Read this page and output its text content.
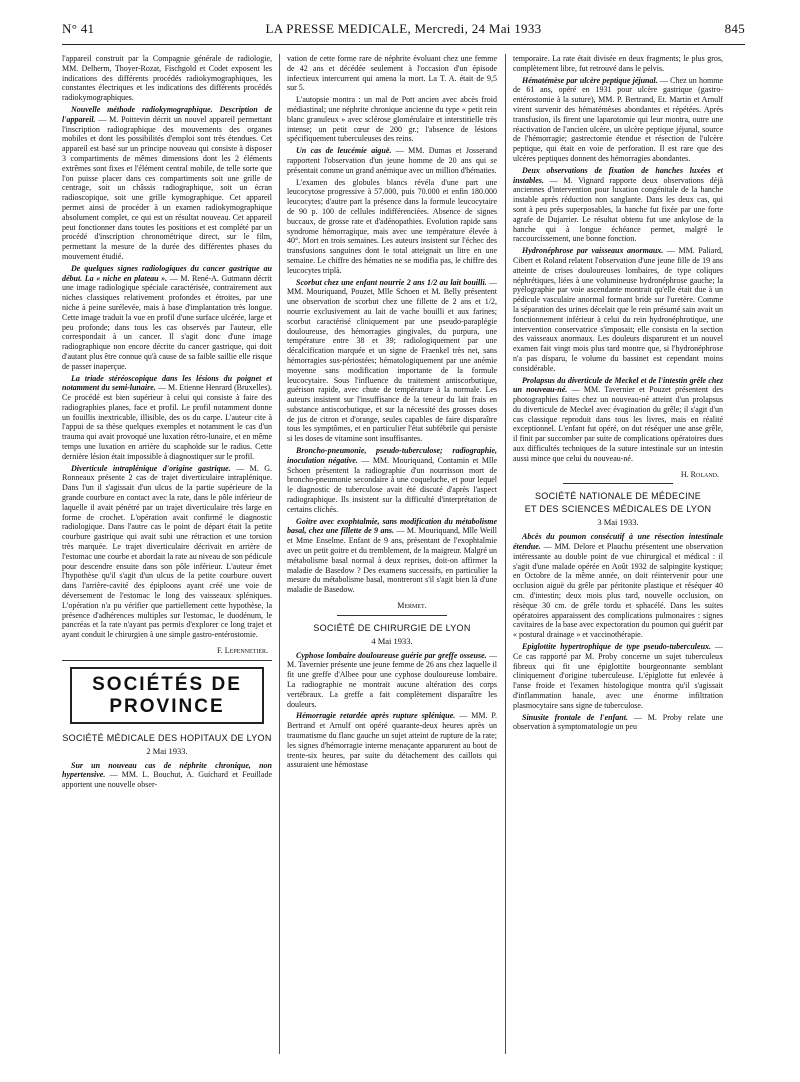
N° 41	LA PRESSE MEDICALE, Mercredi, 24 Mai 1933	845

l'appareil construit par la Compagnie générale de radiologie, MM. Delherm, Thoyer-Rozat, Fischgold et Codet exposent les indications des différents procédés radiokymographiques, les constantes électriques et les indications des différents procédés radiokymographiques.

Nouvelle méthode radiokymographique. Description de l'appareil. — M. Poittevin décrit un nouvel appareil permettant l'inscription radiographique des mouvements des organes mobiles et dont les possibilités d'emploi sont très étendues. Cet appareil est basé sur un principe nouveau qui consiste à disposer 3 compartiments de mêmes dimensions dont les 2 éléments extrêmes sont fixes et l'élément central mobile, de telle sorte que l'on puisse placer dans ces compartiments soit une grille de centrage, soit un châssis radiographique, soit un écran radioscopique, soit une grille kymographique. Cet appareil permet ainsi de procéder à un examen radiokymographique absolument complet, ce qui est un résultat nouveau. Cet appareil peut fonctionner dans toutes les positions et est complété par un procédé d'inscription chronométrique direct, sur le film, permettant la mesure de la durée des différentes phases du mouvement étudié.

De quelques signes radiologiques du cancer gastrique au début. La « niche en plateau ». — M. René-A. Gutmann décrit une image radiologique spéciale caractérisée, contrairement aux niches classiques relativement profondes et étroites, par une niche à peine surélevée, mais à base d'implantation très longue. Cette image traduit la vue en profil d'une surface ulcérée, large et peu profonde; dans tous les cas observés par l'auteur, elle correspondait à un cancer. Il s'agit donc d'une image radiographique non encore décrite du cancer gastrique, qui doit d'autant plus être connue qu'à cause de sa faible saillie elle risque de passer inaperçue.

La triade stéréoscopique dans les lésions du poignet et notamment du semi-lunaire. — M. Etienne Henrard (Bruxelles). Ce procédé est bien supérieur à celui qui consiste à faire des radiographies planes, face et profil. Le profil notamment donne un fouillis inextricable, illisible, des os du carpe. L'auteur cite à l'appui de sa thèse quelques exemples et notamment le cas d'un trauma qui avait provoqué une luxation rétro-lunaire, et en même temps une luxation en arrière du scaphoïde sur le radius. Cette dernière lésion était impossible à diagnostiquer sur le profil.

Diverticule intraplénique d'origine gastrique. — M. G. Ronneaux présente 2 cas de trajet diverticulaire intraplénique. Dans l'un il s'agissait d'un ulcus de la partie supérieure de la grande courbure en contact avec la rate, dans le pôle inférieur de laquelle il avait pénétré par un trajet diverticulaire très large en forme de crochet. L'opération avait confirmé le diagnostic radiologique. Dans l'autre cas le point de départ était la petite courbure gastrique qui avait subi une rétraction et une torsion très marquée. Le trajet diverticulaire décrivait en arrière de l'estomac une courbe et abordait la rate au niveau de son pédicule pour descendre ensuite dans son pôle inférieur. L'auteur émet l'hypothèse qu'il s'agit d'un ulcus de la petite courbure ouvert dans l'arrière-cavité des épiploons ayant créé une voie de déversement de l'estomac le long des vaisseaux spléniques. L'opération n'a pu vérifier que partiellement cette hypothèse, la présence d'adhérences multiples sur l'estomac, le duodénum, le pancréas et la rate n'ayant pas permis d'explorer ce long trajet et ayant conduit le chirurgien à une simple gastro-entérostomie.

F. Lepennetier.
SOCIÉTÉS DE PROVINCE
SOCIÉTÉ MÉDICALE DES HOPITAUX DE LYON
2 Mai 1933.

Sur un nouveau cas de néphrite chronique, non hypertensive. — MM. L. Bouchut, A. Guichard et Feuillade apportent une nouvelle obser-

vation de cette forme rare de néphrite évoluant chez une femme de 42 ans et décédée seulement à l'occasion d'un épisode infectieux intercurrent qui amena la mort. La T. A. était de 9,5 sur 5.

L'autopsie montra : un mal de Pott ancien avec abcès froid médiastinal; une néphrite chronique ancienne du type « petit rein blanc granuleux » avec sclérose glomérulaire et interstitielle très intense; un petit cœur de 200 gr.; l'absence de lésions spécifiquement tuberculeuses des reins.

Un cas de leucémie aiguë. — MM. Dumas et Josserand rapportent l'observation d'un jeune homme de 20 ans qui se présentait comme un grand anémique avec un million d'hématies.

L'examen des globules blancs révéla d'une part une leucocytose progressive à 57.000, puis 70.000 et enfin 180.000 leucocytes; d'autre part la présence dans la formule leucocytaire de 90 p. 100 de cellules indifférenciées. Absence de signes buccaux, de grosse rate et d'adénopathies. Evolution rapide sans syndrome hémorragique, mais avec une température élevée à 40°. Mort en trois semaines. Les auteurs insistent sur l'échec des transfusions sanguines dont le total atteignait un litre en une semaine. Le chiffre des hématies ne se modifia pas, le chiffre des leucocytes triplà.

Scorbut chez une enfant nourrie 2 ans 1/2 au lait bouilli. — MM. Mouriquand, Pouzet, Mlle Schoen et M. Belly présentent une observation de scorbut chez une fillette de 2 ans et 1/2, nourrie exclusivement au lait de vache bouilli et aux farines; scorbut caractérisé cliniquement par une pseudo-paraplégie douloureuse, des hémorragies gingivales, du purpura, une température entre 38 et 39; radiologiquement par une décalcification marquée et un signe de Fraenkel très net, sans hémorragies sus-périostées; hématologiquement par une anémie moyenne sans modification importante de la formule leucocytaire. Sous l'influence du traitement antiscorbutique, guérison rapide, avec chute de température à la normale. Les auteurs insistent sur l'insuffisance de la teneur du lait frais en substance antiscorbutique, et sur la nécessité des grosses doses de jus de citron et d'orange, seules capables de faire disparaître tous les symptômes, et en particulier l'état subfébrile qui persiste si les doses de vitamine sont insuffisantes.

Broncho-pneumonie, pseudo-tuberculose; radiographie, inoculation négative. — MM. Mouriquand, Contamin et Mlle Schoen présentent la radiographie d'un nourrisson mort de broncho-pneumonie secondaire à une coqueluche, et pour lequel le diagnostic de tuberculose avait été discuté d'après l'aspect radiographique. Ils insistent sur la difficulté d'interprétation de certains clichés.

Goitre avec exophtalmie, sans modification du métabolisme basal, chez une fillette de 9 ans. — M. Mouriquand, Mlle Weill et Mme Enselme. Enfant de 9 ans, présentant de l'exophtalmie avec un petit goitre et du tremblement, de la maigreur. Malgré un métabolisme basal normal à deux reprises, doit-on affirmer la maladie de Basedow ? Des examens successifs, en particulier la mesure du métabolisme basal, montreront s'il s'agit bien là d'une maladie de Basedow.

Mermet.
SOCIÉTÉ DE CHIRURGIE DE LYON
4 Mai 1933.

Cyphose lombaire douloureuse guérie par greffe osseuse. — M. Tavernier présente une jeune femme de 26 ans chez laquelle il fit une greffe d'Albee pour une cyphose douloureuse lombaire. La radiographie ne montrait aucune altération des corps vertébraux. La greffe a fait complètement disparaître les douleurs.

Hémorragie retardée après rupture splénique. — MM. P. Bertrand et Arnulf ont opéré quarante-deux heures après un traumatisme du flanc gauche un sujet atteint de rupture de la rate; les signes d'hémorragie interne menaçante apparurent au bout de trente-six heures, par suite du détachement des caillots qui assuraient une hémostase

temporaire. La rate était divisée en deux fragments; le plus gros, complètement libre, fut retrouvé dans le pelvis.

Hématémèse par ulcère peptique jéjunal. — Chez un homme de 61 ans, opéré en 1931 pour ulcère gastrique (gastro-entérostomie à la suture), MM. P. Bertrand, Et. Martin et Arnulf virent survenir des hématémèses abondantes et répétées. Après transfusion, ils firent une laparotomie qui leur montra, outre une réactivation de l'ancien ulcère, un ulcère peptique jéjunal, source de l'hémorragie; gastrectomie étendue et résection de l'ulcère peptique, qui était en voie de perforation. Il est rare que des ulcères peptiques donnent des hémorragies abondantes.

Deux observations de fixation de hanches luxées et instables. — M. Vignard rapporte deux observations déjà anciennes d'intervention pour luxation congénitale de la hanche instable après réduction non sanglante. Dans les deux cas, qui sont à peu près superposables, la hanche fut fixée par une forte agrafe de Dujarrier. Le résultat obtenu fut une ankylose de la hanche qui à longue échéance permet, malgré le raccourcissement, une bonne fonction.

Hydronéphrose par vaisseaux anormaux. — MM. Paliard, Cibert et Roland relatent l'observation d'une jeune fille de 19 ans atteinte de crises douloureuses lombaires, de type coliques néphrétiques, liées à une volumineuse hydronéphrose gauche; la pyélographie par voie ascendante montrait qu'elle était due à un pédicule vasculaire anormal formant bride sur l'uretère. Comme la séparation des urines décelait que le rein présumé sain avait un fonctionnement inférieur à celui du rein hydronéphrotique, une intervention conservatrice s'imposait; elle consista en la section des vaisseaux anormaux. Les douleurs disparurent et un nouvel examen fait vingt mois plus tard montre que, si l'hydronéphrose n'a pas disparu, le volume du bassinet est cependant moins considérable.

Prolapsus du diverticule de Meckel et de l'intestin grêle chez un nouveau-né. — MM. Tavernier et Pouzet présentent des photographies faites chez un nouveau-né atteint d'un prolapsus du diverticule de Meckel avec évagination du grêle; il s'agit d'un cas classique reproduit dans tous les livres, mais en réalité exceptionnel. L'enfant fut opéré, on dut réséquer une anse grêle, il finit par succomber par suite de complications opératoires dues aux difficultés techniques de la suture intestinale sur un intestin aussi mince que celui du nouveau-né.

H. Roland.
SOCIÉTÉ NATIONALE DE MÉDECINE
ET DES SCIENCES MÉDICALES DE LYON
3 Mai 1933.

Abcès du poumon consécutif à une résection intestinale étendue. — MM. Delore et Plauchu présentent une observation intéressante au double point de vue chirurgical et médical : il s'agit d'une malade opérée en Août 1932 de salpingite kystique; en Octobre de la même année, on doit réintervenir pour une occlusion aiguë du grêle par péritonite plastique et réséquer 40 cm. d'intestin; deux mois plus tard, nouvelle occlusion, on résèque 30 cm. de grêle tordu et sphacélé. Dans les suites opératoires apparaissent des complications pulmonaires : signes cavitaires de la base avec expectoration du poumon qui guérit par « postural drainage » et vaccinothérapie.

Epiglottite hypertrophique de type pseudo-tuberculeux. — Ce cas rapporté par M. Proby concerne un sujet tuberculeux fibreux qui fit une épiglottite bourgeonnante semblant cliniquement d'origine tuberculeuse. L'épiglotte fut enlevée à l'anse froide et l'examen histologique montra qu'il s'agissait d'inflammation banale, avec une énorme infiltration plasmocytaire sans signe de tuberculose.

Sinusite frontale de l'enfant. — M. Proby relate une observation à symptomatologie un peu
